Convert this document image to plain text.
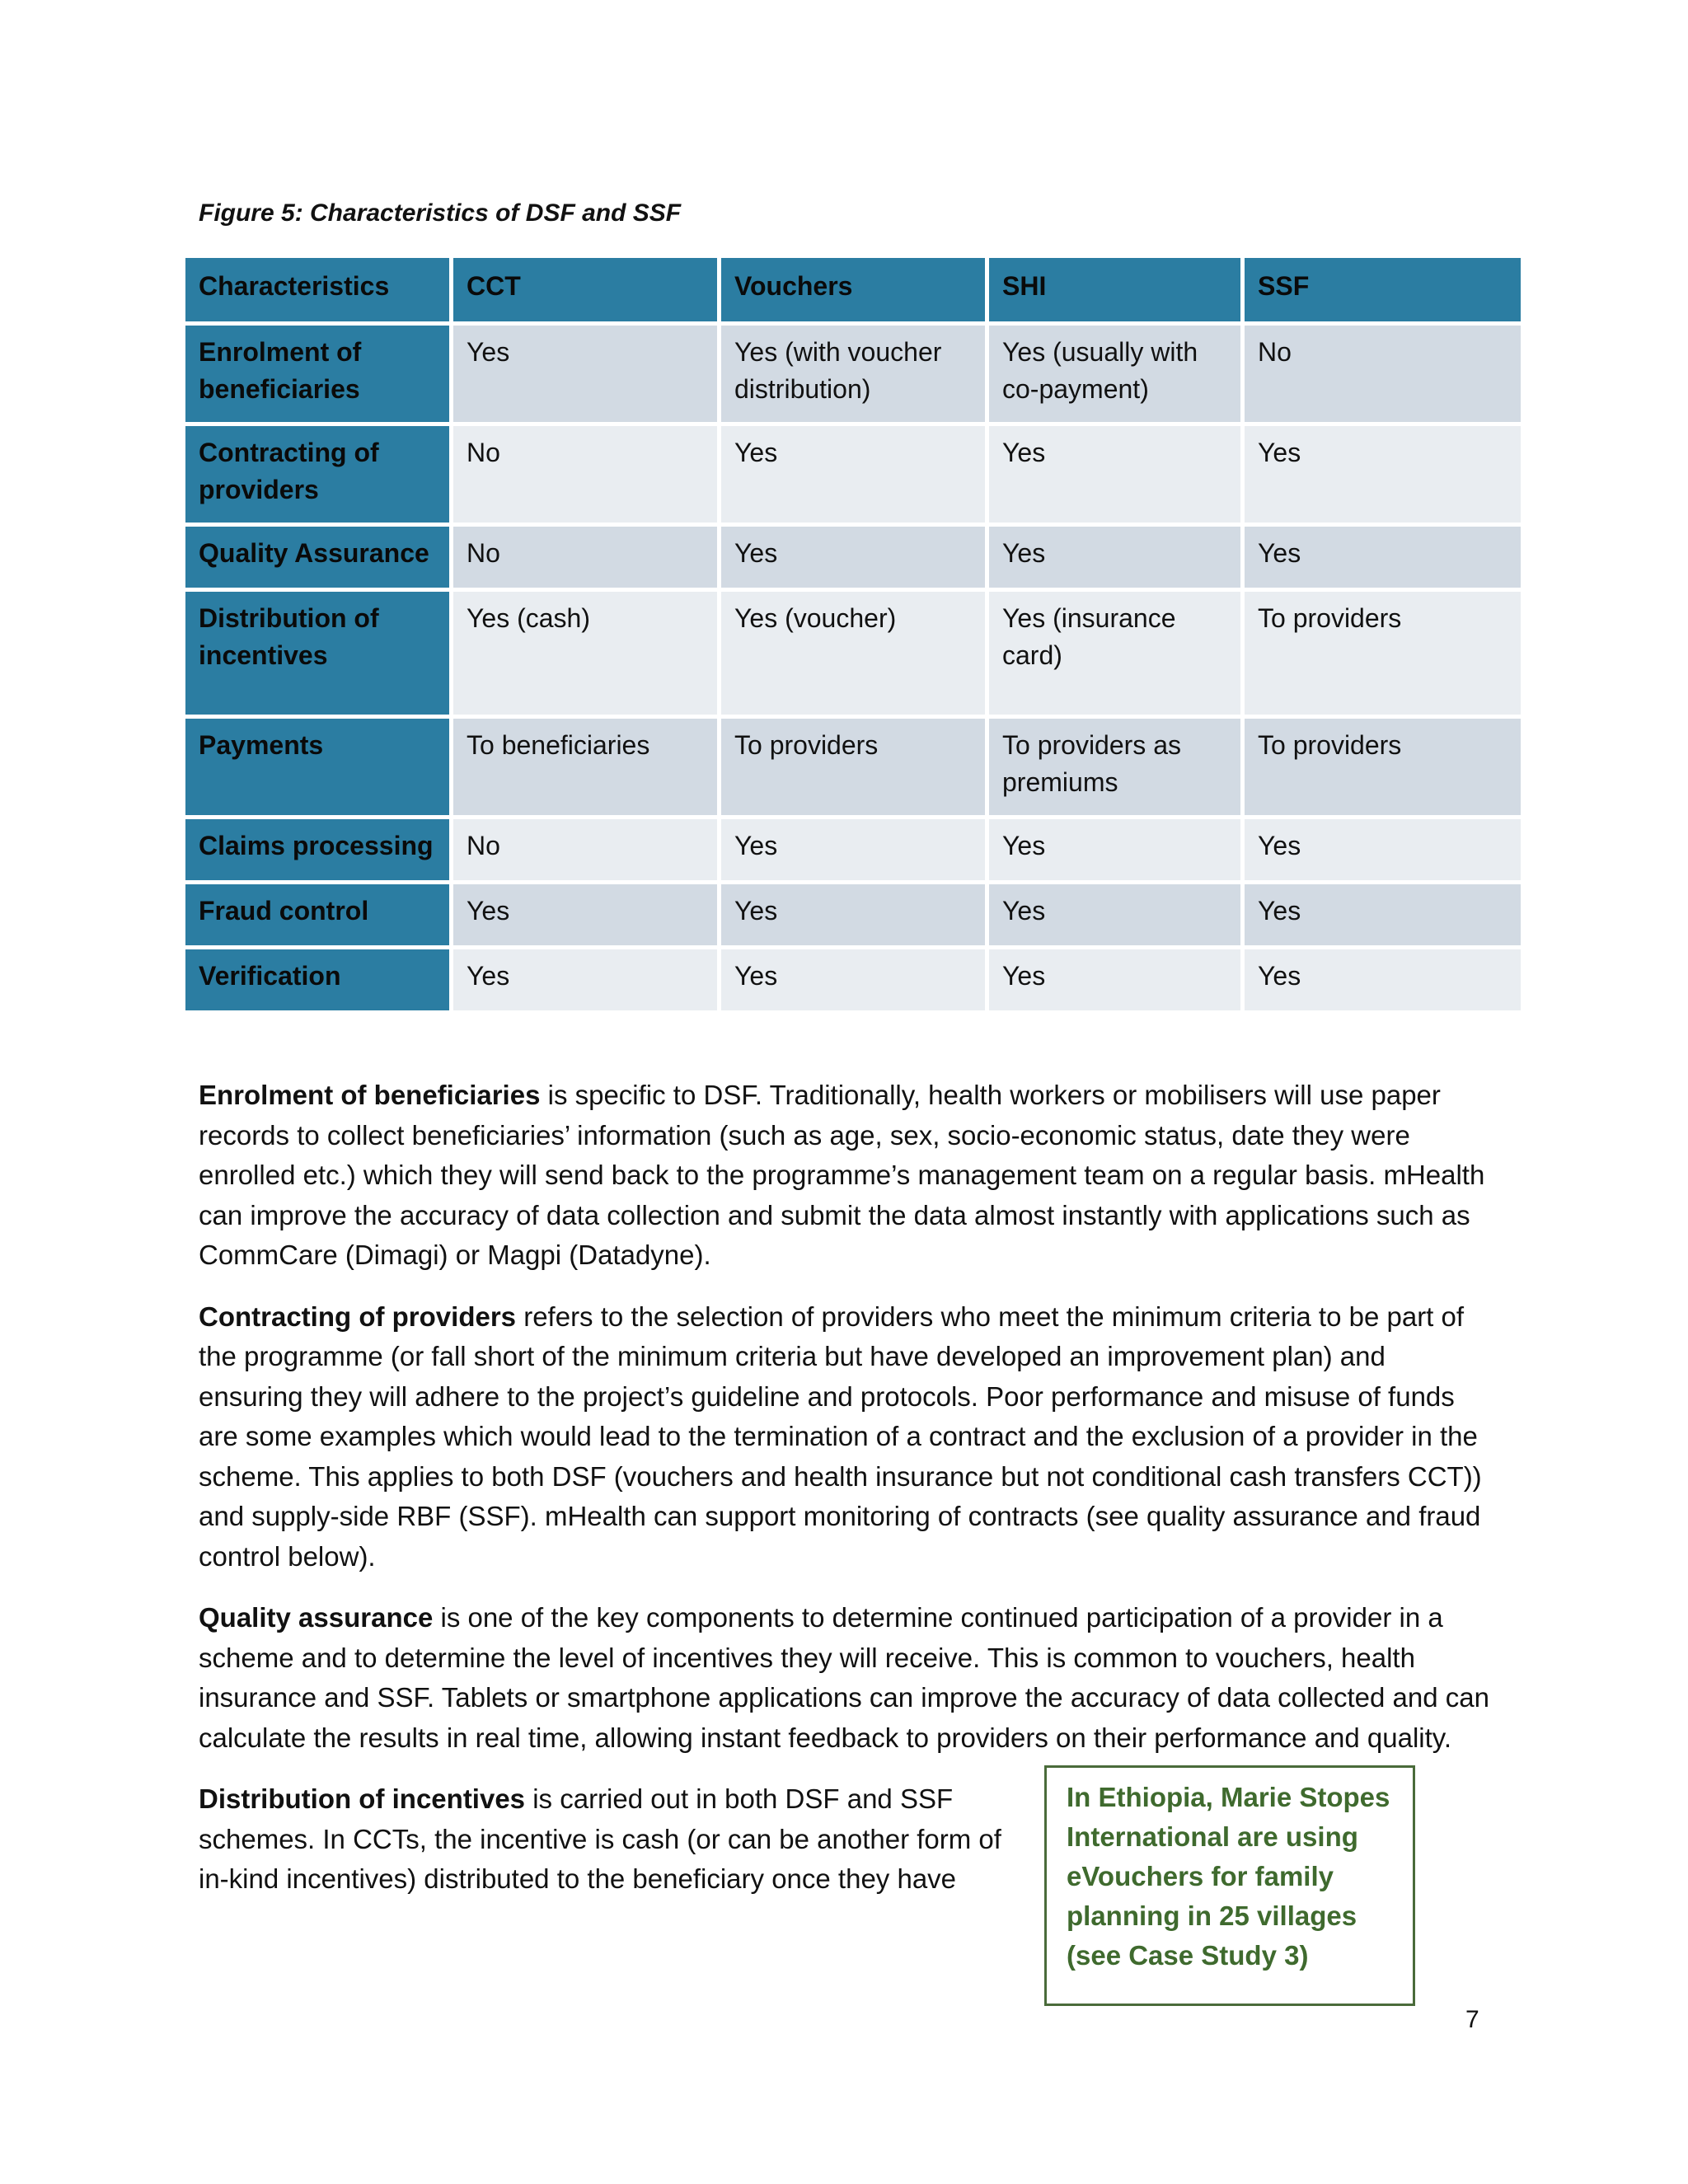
Figure 5: Characteristics of DSF and SSF
Characteristics	CCT	Vouchers	SHI	SSF
Enrolment of beneficiaries	Yes	Yes (with voucher distribution)	Yes (usually with co-payment)	No
Contracting of providers	No	Yes	Yes	Yes
Quality Assurance	No	Yes	Yes	Yes
Distribution of incentives	Yes (cash)	Yes (voucher)	Yes (insurance card)	To providers
Payments	To beneficiaries	To providers	To providers as premiums	To providers
Claims processing	No	Yes	Yes	Yes
Fraud control	Yes	Yes	Yes	Yes
Verification	Yes	Yes	Yes	Yes

Enrolment of beneficiaries is specific to DSF. Traditionally, health workers or mobilisers will use paper records to collect beneficiaries’ information (such as age, sex, socio-economic status, date they were enrolled etc.) which they will send back to the programme’s management team on a regular basis. mHealth can improve the accuracy of data collection and submit the data almost instantly with applications such as CommCare (Dimagi) or Magpi (Datadyne).

Contracting of providers refers to the selection of providers who meet the minimum criteria to be part of the programme (or fall short of the minimum criteria but have developed an improvement plan) and ensuring they will adhere to the project’s guideline and protocols. Poor performance and misuse of funds are some examples which would lead to the termination of a contract and the exclusion of a provider in the scheme. This applies to both DSF (vouchers and health insurance but not conditional cash transfers CCT)) and supply-side RBF (SSF). mHealth can support monitoring of contracts (see quality assurance and fraud control below).

Quality assurance is one of the key components to determine continued participation of a provider in a scheme and to determine the level of incentives they will receive. This is common to vouchers, health insurance and SSF. Tablets or smartphone applications can improve the accuracy of data collected and can calculate the results in real time, allowing instant feedback to providers on their performance and quality.

Distribution of incentives is carried out in both DSF and SSF schemes. In CCTs, the incentive is cash (or can be another form of in-kind incentives) distributed to the beneficiary once they have

In Ethiopia, Marie Stopes International are using eVouchers for family planning in 25 villages (see Case Study 3)
7
